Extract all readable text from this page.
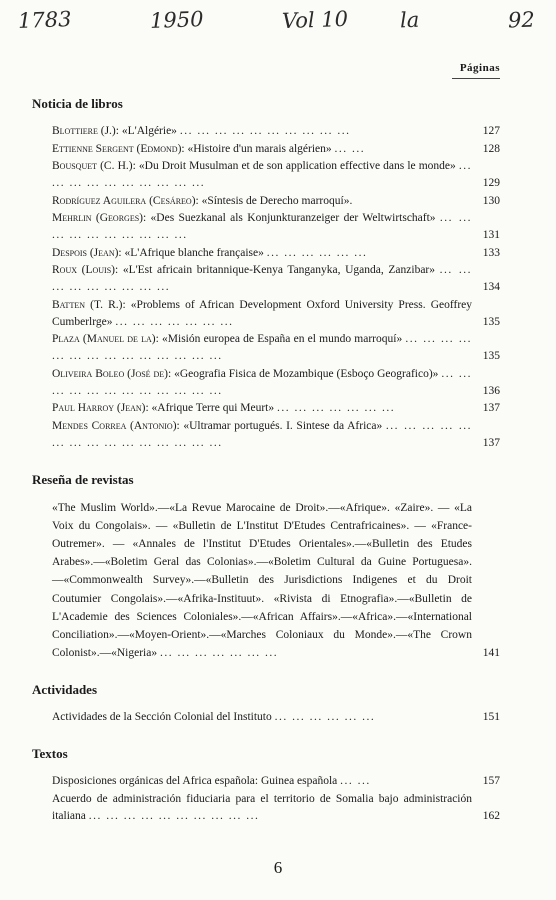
1783	1950	Vol 10 la	92
Páginas
Noticia de libros
Blottiere (J.): «L'Algérie» ... ... ... ... ... ... ... ... ... ...	127
Ettienne Sergent (Edmond): «Histoire d'un marais algérien» ... ...	128
Bousquet (C. H.): «Du Droit Musulman et de son application effective dans le monde» ... ... ... ... ... ... ... ... ... ...	129
Rodríguez Aguilera (Cesáreo): «Síntesis de Derecho marroquí».	130
Mehrlin (Georges): «Des Suezkanal als Konjunkturanzeiger der Weltwirtschaft» ... ... ... ... ... ... ... ... ... ...	131
Despois (Jean): «L'Afrique blanche française» ... ... ... ... ... ...	133
Roux (Louis): «L'Est africain britannique-Kenya Tanganyka, Uganda, Zanzibar» ... ... ... ... ... ... ... ... ...	134
Batten (T. R.): «Problems of African Development Oxford University Press. Geoffrey Cumberlrge» ... ... ... ... ... ... ...	135
Plaza (Manuel de la): «Misión europea de España en el mundo marroquí» ... ... ... ... ... ... ... ... ... ... ... ... ... ...	135
Oliveira Boleo (José de): «Geografia Fisica de Mozambique (Esboço Geografico)» ... ... ... ... ... ... ... ... ... ... ... ...	136
Paul Harroy (Jean): «Afrique Terre qui Meurt» ... ... ... ... ... ... ...	137
Mendes Correa (Antonio): «Ultramar portugués. I. Sintese da Africa» ... ... ... ... ... ... ... ... ... ... ... ... ... ... ...	137
Reseña de revistas
«The Muslim World».—«La Revue Marocaine de Droit».—«Afrique». «Zaire». — «La Voix du Congolais». — «Bulletin de L'Institut D'Etudes Centrafricaines». — «France-Outremer». — «Annales de l'Institut D'Etudes Orientales».—«Bulletin des Etudes Arabes».—«Boletim Geral das Colonias».—«Boletim Cultural da Guine Portuguesa».—«Commonwealth Survey».—«Bulletin des Jurisdictions Indigenes et du Droit Coutumier Congolais».—«Afrika-Instituut». «Rivista di Etnografia».—«Bulletin de L'Academie des Sciences Coloniales».—«African Affairs».—«Africa».—«International Conciliation».—«Moyen-Orient».—«Marches Coloniaux du Monde».—«The Crown Colonist».—«Nigeria» ... ... ... ... ... ... ...	141
Actividades
Actividades de la Sección Colonial del Instituto ... ... ... ... ... ...	151
Textos
Disposiciones orgánicas del Africa española: Guinea española ... ...	157
Acuerdo de administración fiduciaria para el territorio de Somalia bajo administración italiana ... ... ... ... ... ... ... ... ... ...	162
6
